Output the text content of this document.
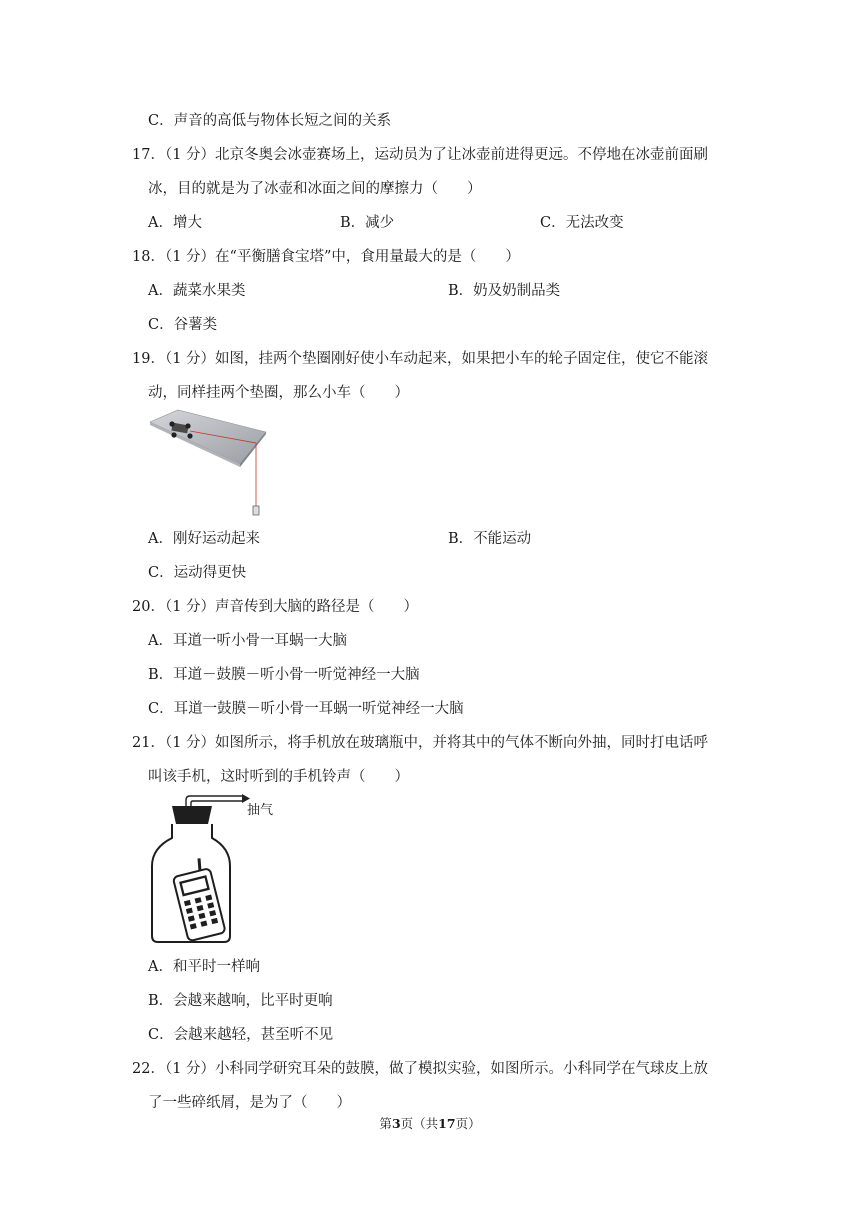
C．声音的高低与物体长短之间的关系
17．（1 分）北京冬奥会冰壶赛场上，运动员为了让冰壶前进得更远。不停地在冰壶前面刷
冰，目的就是为了冰壶和冰面之间的摩擦力（　　）
A．增大	B．减少	C．无法改变
18．（1 分）在“平衡膳食宝塔”中，食用量最大的是（　　）
A．蔬菜水果类	B．奶及奶制品类
C．谷薯类
19．（1 分）如图，挂两个垫圈刚好使小车动起来，如果把小车的轮子固定住，使它不能滚
动，同样挂两个垫圈，那么小车（　　）
A．刚好运动起来	B．不能运动
C．运动得更快
20．（1 分）声音传到大脑的路径是（　　）
A．耳道一听小骨一耳蜗一大脑
B．耳道－鼓膜－听小骨一听觉神经一大脑
C．耳道一鼓膜－听小骨一耳蜗一听觉神经一大脑
21．（1 分）如图所示，将手机放在玻璃瓶中，并将其中的气体不断向外抽，同时打电话呼
叫该手机，这时听到的手机铃声（　　）
抽气
A．和平时一样响
B．会越来越响，比平时更响
C．会越来越轻，甚至听不见
22．（1 分）小科同学研究耳朵的鼓膜，做了模拟实验，如图所示。小科同学在气球皮上放
了一些碎纸屑，是为了（　　）
第3页（共17页）
